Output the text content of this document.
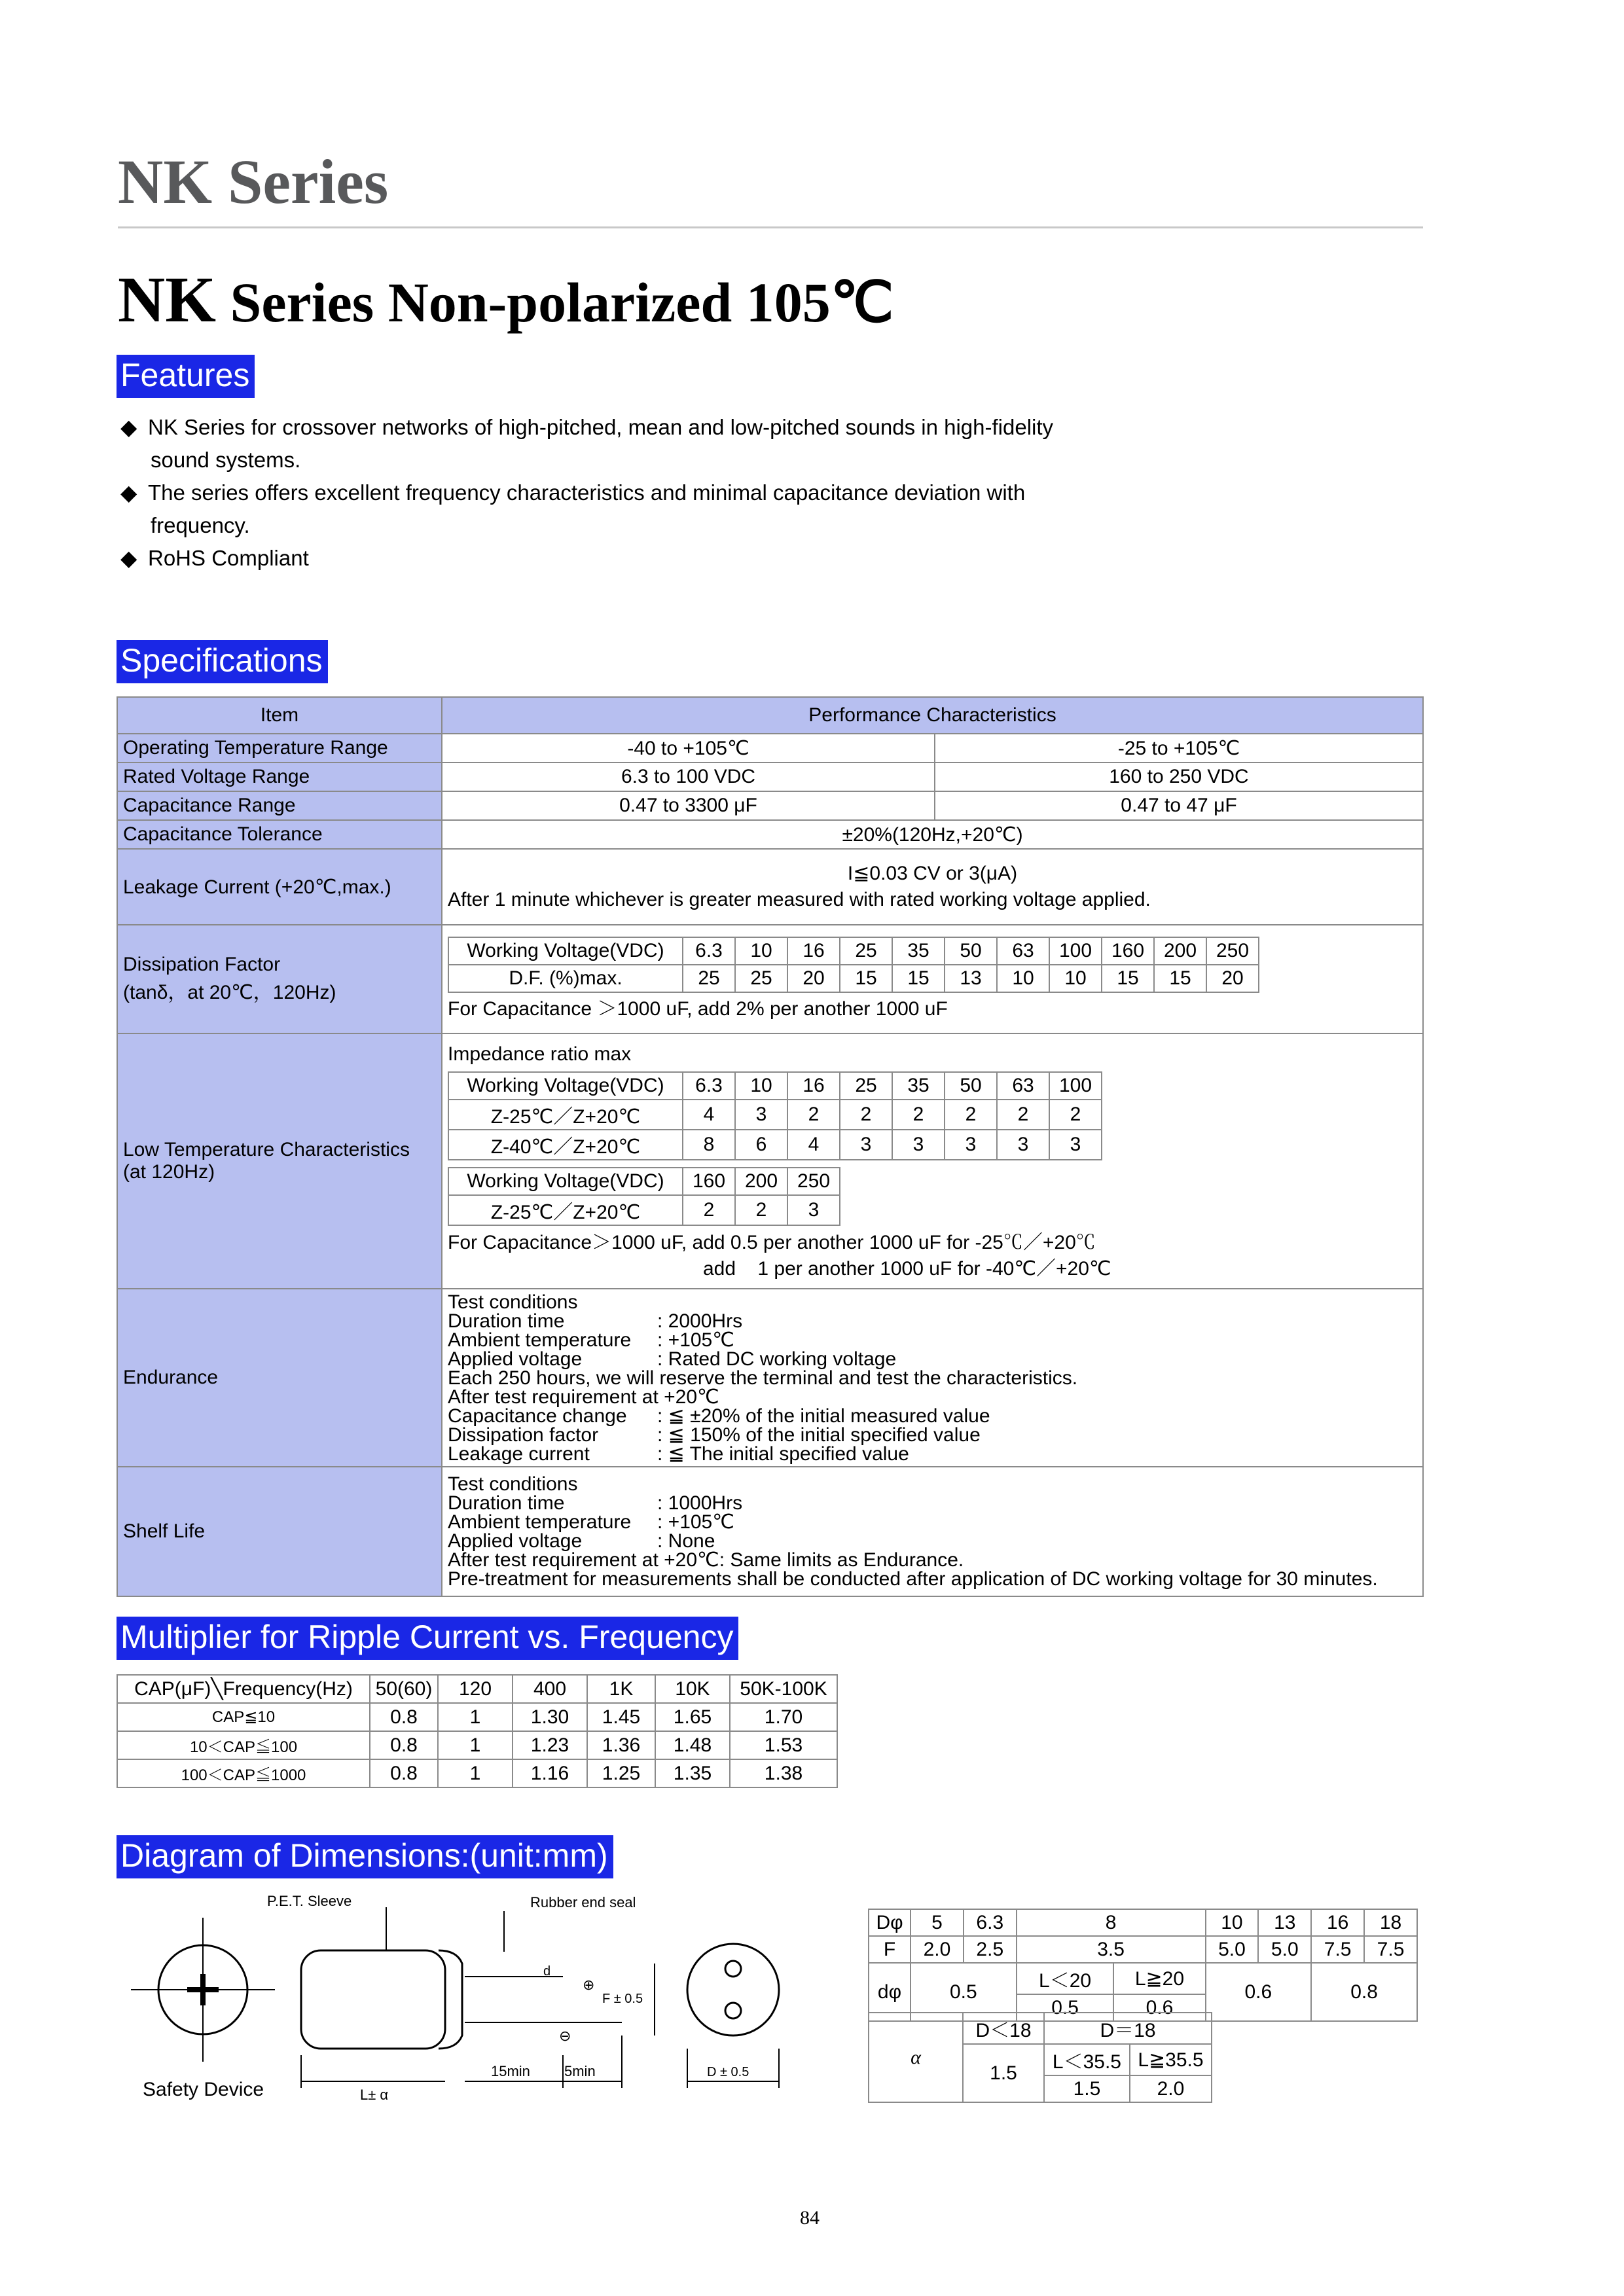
NK Series
NK Series Non-polarized 105℃
Features
◆ NK Series for crossover networks of high-pitched, mean and low-pitched sounds in high-fidelity
sound systems.
◆ The series offers excellent frequency characteristics and minimal capacitance deviation with
frequency.
◆ RoHS Compliant
Specifications
Item	Performance Characteristics
Operating Temperature Range	-40 to +105℃	-25 to +105℃
Rated Voltage Range	6.3 to 100 VDC	160 to 250 VDC
Capacitance Range	0.47 to 3300 μF	0.47 to 47 μF
Capacitance Tolerance	±20%(120Hz,+20℃)
Leakage Current (+20℃,max.)	
I≦0.03 CV or 3(μA)
After 1 minute whichever is greater measured with rated working voltage applied.

Dissipation Factor
(tanδ，at 20℃，120Hz)

Working Voltage(VDC)	6.3	10	16	25	35	50	63	100	160	200	250
D.F. (%)max.	25	25	20	15	15	13	10	10	15	15	20
For Capacitance ＞1000 uF, add 2% per another 1000 uF

Low Temperature Characteristics
(at 120Hz)

Impedance ratio max
Working Voltage(VDC)	6.3	10	16	25	35	50	63	100
Z-25℃／Z+20℃	4	3	2	2	2	2	2	2
Z-40℃／Z+20℃	8	6	4	3	3	3	3	3
Working Voltage(VDC)	160	200	250
Z-25℃／Z+20℃	2	2	3
For Capacitance＞1000 uF, add 0.5 per another 1000 uF for -25℃／+20℃
add    1 per another 1000 uF for -40℃／+20℃

Endurance	
Test conditions
Duration time	: 2000Hrs
Ambient temperature	: +105℃
Applied voltage	: Rated DC working voltage
Each 250 hours, we will reserve the terminal and test the characteristics.
After test requirement at +20℃
Capacitance change	: ≦ ±20% of the initial measured value
Dissipation factor	: ≦ 150% of the initial specified value
Leakage current	: ≦ The initial specified value

Shelf Life	
Test conditions
Duration time	: 1000Hrs
Ambient temperature	: +105℃
Applied voltage	: None
After test requirement at +20℃: Same limits as Endurance.
Pre-treatment for measurements shall be conducted after application of DC working voltage for 30 minutes.
Multiplier for Ripple Current vs. Frequency
CAP(μF)╲Frequency(Hz)	50(60)	120	400	1K	10K	50K-100K
CAP≦10	0.8	1	1.30	1.45	1.65	1.70
10＜CAP≦100	0.8	1	1.23	1.36	1.48	1.53
100＜CAP≦1000	0.8	1	1.16	1.25	1.35	1.38
Diagram of Dimensions:(unit:mm)
P.E.T. Sleeve	Rubber end seal
Safety Device	L± α
15min 5min
F ± 0.5
D ± 0.5
d
⊕
⊖
Dφ	5	6.3	8		10	13	16	18
F	2.0	2.5	3.5		5.0	5.0	7.5	7.5
dφ	0.5		L＜20	L≧20	0.6		0.8	
			0.5	0.6				
α	D＜18	D＝18	
	1.5	L＜35.5	L≧35.5
		1.5	2.0
84
